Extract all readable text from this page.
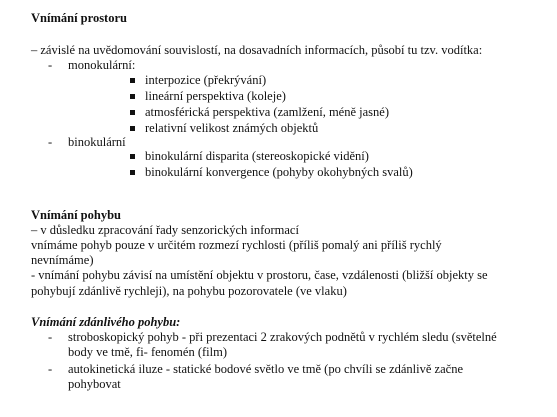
Vnímání prostoru
– závislé na uvědomování souvislostí, na dosavadních informacích, působí tu tzv. vodítka:
- monokulární:
interpozice (překrývání)
lineární perspektiva (koleje)
atmosférická perspektiva (zamlžení, méně jasné)
relativní velikost známých objektů
- binokulární
binokulární disparita (stereoskopické vidění)
binokulární konvergence (pohyby okohybných svalů)
Vnímání pohybu
– v důsledku zpracování řady senzorických informací
vnímáme pohyb pouze v určitém rozmezí rychlosti (příliš pomalý ani příliš rychlý
nevnímáme)
- vnímání pohybu závisí na umístění objektu v prostoru, čase, vzdálenosti (bližší objekty se
pohybují zdánlivě rychleji), na pohybu pozorovatele (ve vlaku)
Vnímání zdánlivého pohybu:
- stroboskopický pohyb - při prezentaci 2 zrakových podnětů v rychlém sledu (světelné
body ve tmě, fi- fenomén (film)
- autokinetická iluze - statické bodové světlo ve tmě (po chvíli se zdánlivě začne
pohybovat
